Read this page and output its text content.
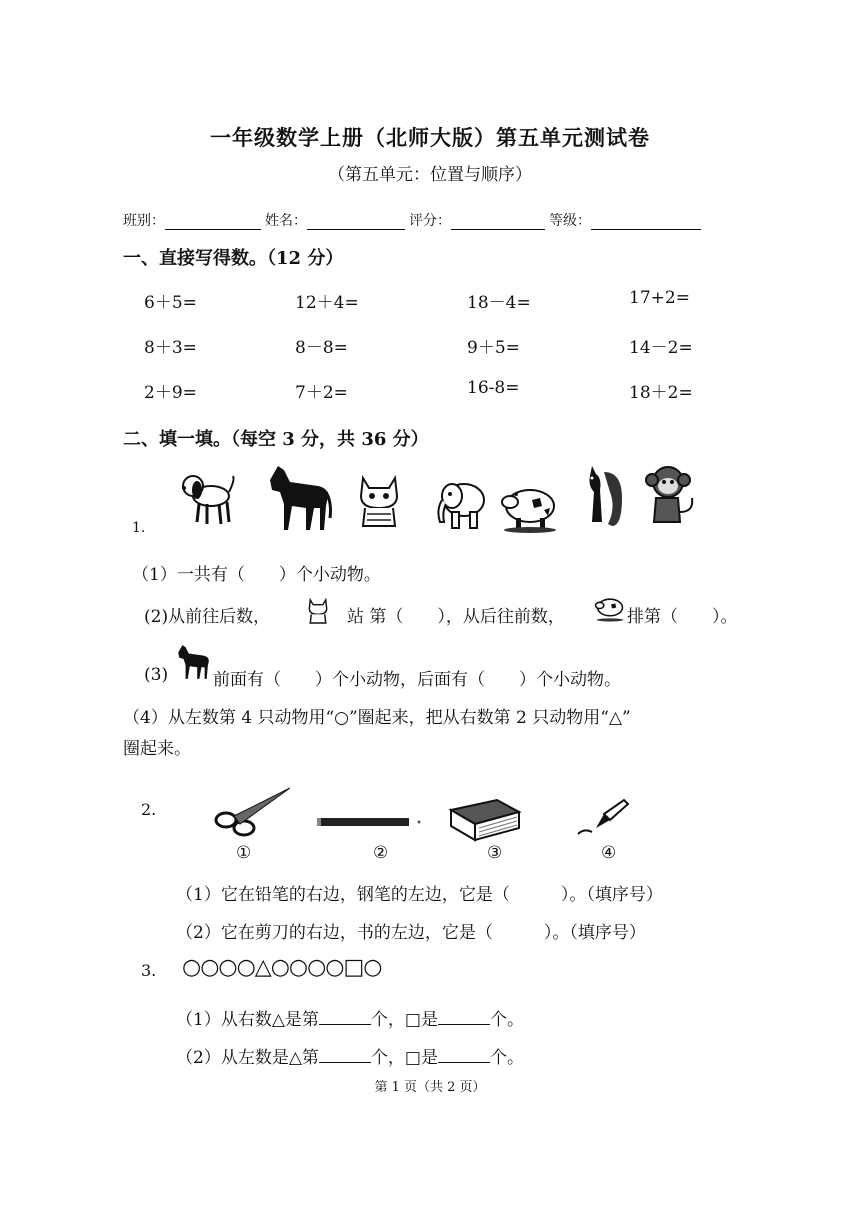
一年级数学上册（北师大版）第五单元测试卷
（第五单元：位置与顺序）
班别：	姓名：	评分：	等级：
一、直接写得数。（12 分）
6＋5=	12＋4=	18－4=	17+2=
8＋3=	8－8=	9＋5=	14－2=
2＋9=	7＋2=	16-8=	18＋2=
二、填一填。（每空 3 分，共 36 分）
1.
（1）一共有（　　）个小动物。
(2)从前往后数，	站 第（　　），从后往前数，	排第（　　）。
(3)	前面有（　　）个小动物，后面有（　　）个小动物。
（4）从左数第 4 只动物用“○”圈起来，把从右数第 2 只动物用“△”
圈起来。
2.
①	②	③	④
（1）它在铅笔的右边，钢笔的左边，它是（　　　）。（填序号）
（2）它在剪刀的右边，书的左边，它是（　　　）。（填序号）
3. ○○○○△○○○○□○
（1）从右数△是第	个，□是	个。
（2）从左数是△第	个，□是	个。
第 1 页（共 2 页）
